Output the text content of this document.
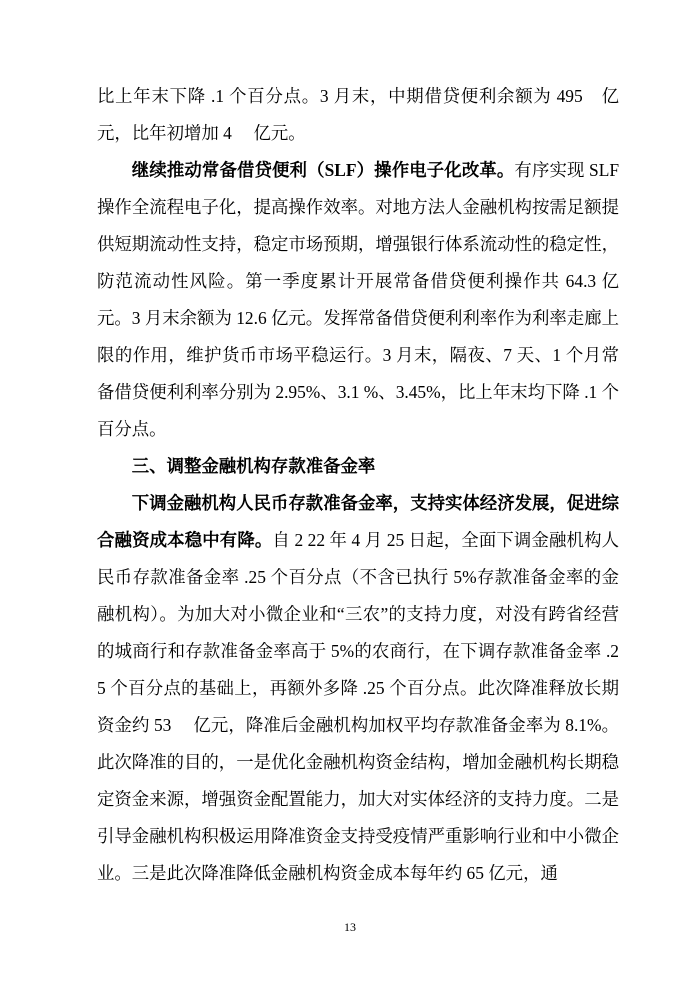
比上年末下降 .1 个百分点。3 月末，中期借贷便利余额为 495　亿元，比年初增加 4　 亿元。

继续推动常备借贷便利（SLF）操作电子化改革。有序实现 SLF 操作全流程电子化，提高操作效率。对地方法人金融机构按需足额提供短期流动性支持，稳定市场预期，增强银行体系流动性的稳定性，防范流动性风险。第一季度累计开展常备借贷便利操作共 64.3 亿元。3 月末余额为 12.6 亿元。发挥常备借贷便利利率作为利率走廊上限的作用，维护货币市场平稳运行。3 月末，隔夜、7 天、1 个月常备借贷便利利率分别为 2.95%、3.1 %、3.45%，比上年末均下降 .1 个百分点。

三、调整金融机构存款准备金率

下调金融机构人民币存款准备金率，支持实体经济发展，促进综合融资成本稳中有降。自 2 22 年 4 月 25 日起，全面下调金融机构人民币存款准备金率 .25 个百分点（不含已执行 5%存款准备金率的金融机构）。为加大对小微企业和“三农”的支持力度，对没有跨省经营的城商行和存款准备金率高于 5%的农商行，在下调存款准备金率 .25 个百分点的基础上，再额外多降 .25 个百分点。此次降准释放长期资金约 53　 亿元，降准后金融机构加权平均存款准备金率为 8.1%。此次降准的目的，一是优化金融机构资金结构，增加金融机构长期稳定资金来源，增强资金配置能力，加大对实体经济的支持力度。二是引导金融机构积极运用降准资金支持受疫情严重影响行业和中小微企业。三是此次降准降低金融机构资金成本每年约 65 亿元，通

13
